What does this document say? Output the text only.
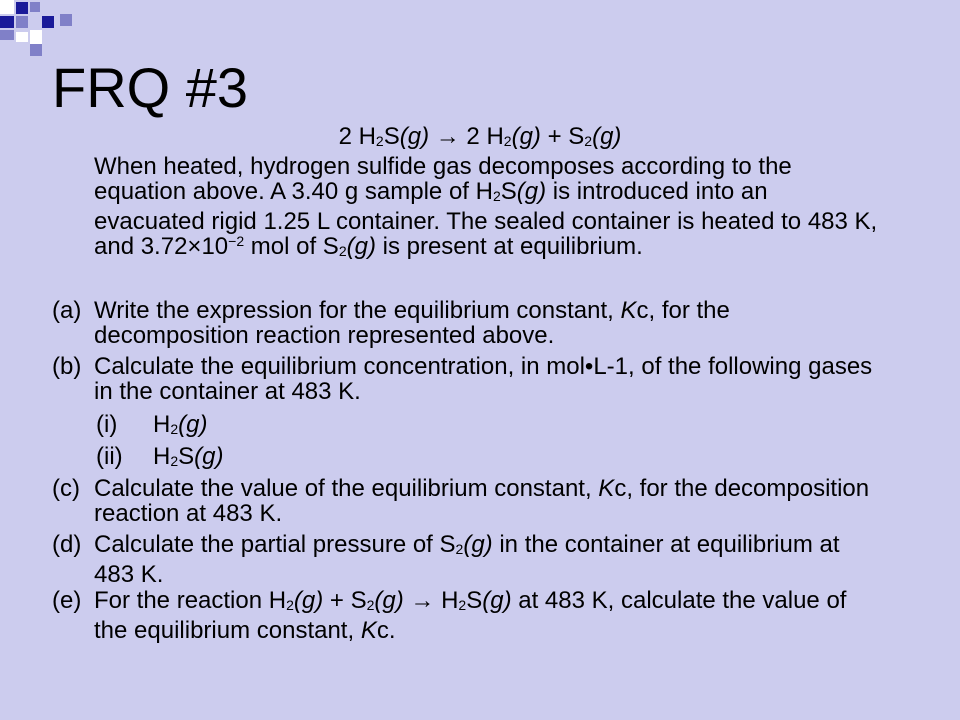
FRQ #3
2 $H_2S(g) \to 2$ $H_2(g) + S_2(g)$
When heated, hydrogen sulfide gas decomposes according to the equation above. A 3.40 g sample of $H_2S(g)$ is introduced into an evacuated rigid 1.25 L container. The sealed container is heated to 483 K, and $3.72\times 10^{-2}$ mol of $S_2(g)$ is present at equilibrium.
(a) Write the expression for the equilibrium constant, Kc, for the decomposition reaction represented above.
(b) Calculate the equilibrium concentration, in mol•L-1, of the following gases in the container at 483 K.
(i) $H_2(g)$
(ii) $H_2S(g)$
(c) Calculate the value of the equilibrium constant, Kc, for the decomposition reaction at 483 K.
(d) Calculate the partial pressure of $S_2(g)$ in the container at equilibrium at 483 K.
(e) For the reaction $H_2(g) + S_2(g) \to H_2S(g)$ at 483 K, calculate the value of the equilibrium constant, Kc.
